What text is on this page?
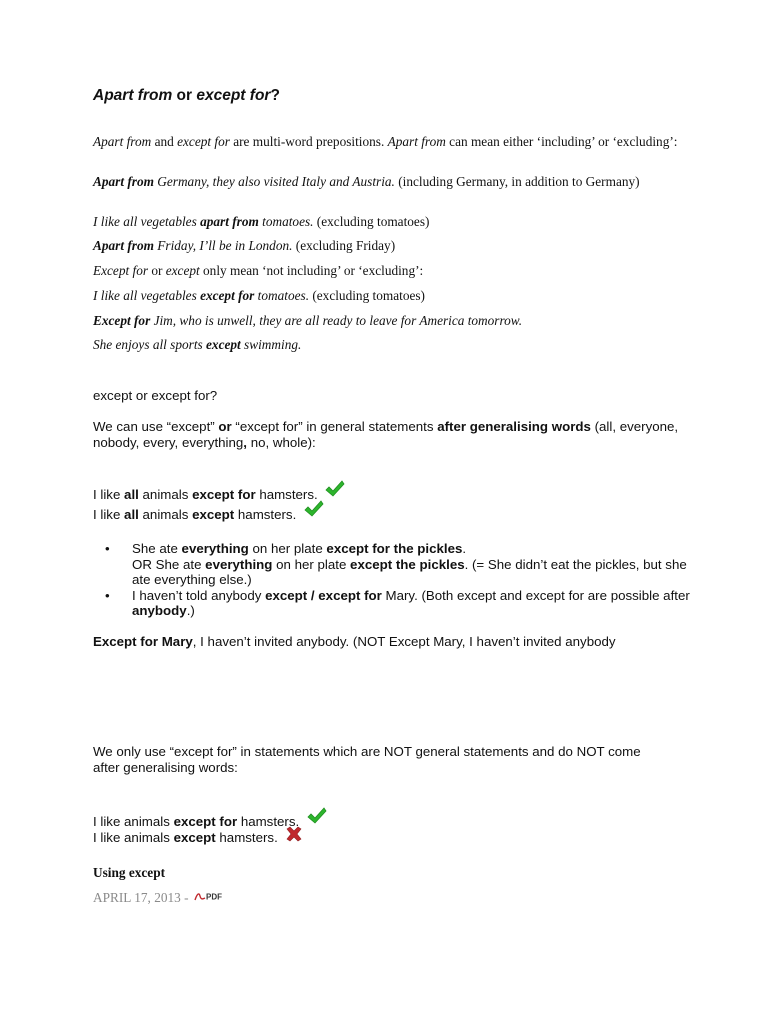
Apart from or except for?

Apart from and except for are multi-word prepositions. Apart from can mean either ‘including’ or ‘excluding’:

Apart from Germany, they also visited Italy and Austria. (including Germany, in addition to Germany)

I like all vegetables apart from tomatoes. (excluding tomatoes)

Apart from Friday, I’ll be in London. (excluding Friday)

Except for or except only mean ‘not including’ or ‘excluding’:

I like all vegetables except for tomatoes. (excluding tomatoes)

Except for Jim, who is unwell, they are all ready to leave for America tomorrow.

She enjoys all sports except swimming.

except or except for?

We can use “except” or “except for” in general statements after generalising words (all, everyone, nobody, every, everything, no, whole):

I like all animals except for hamsters.

I like all animals except hamsters.

• She ate everything on her plate except for the pickles.
OR She ate everything on her plate except the pickles. (= She didn’t eat the pickles, but she ate everything else.)
• I haven’t told anybody except / except for Mary. (Both except and except for are possible after anybody.)

Except for Mary, I haven’t invited anybody. (NOT Except Mary, I haven’t invited anybody

We only use “except for” in statements which are NOT general statements and do NOT come after generalising words:

I like animals except for hamsters.

I like animals except hamsters.

Using except

APRIL 17, 2013 - PDF
